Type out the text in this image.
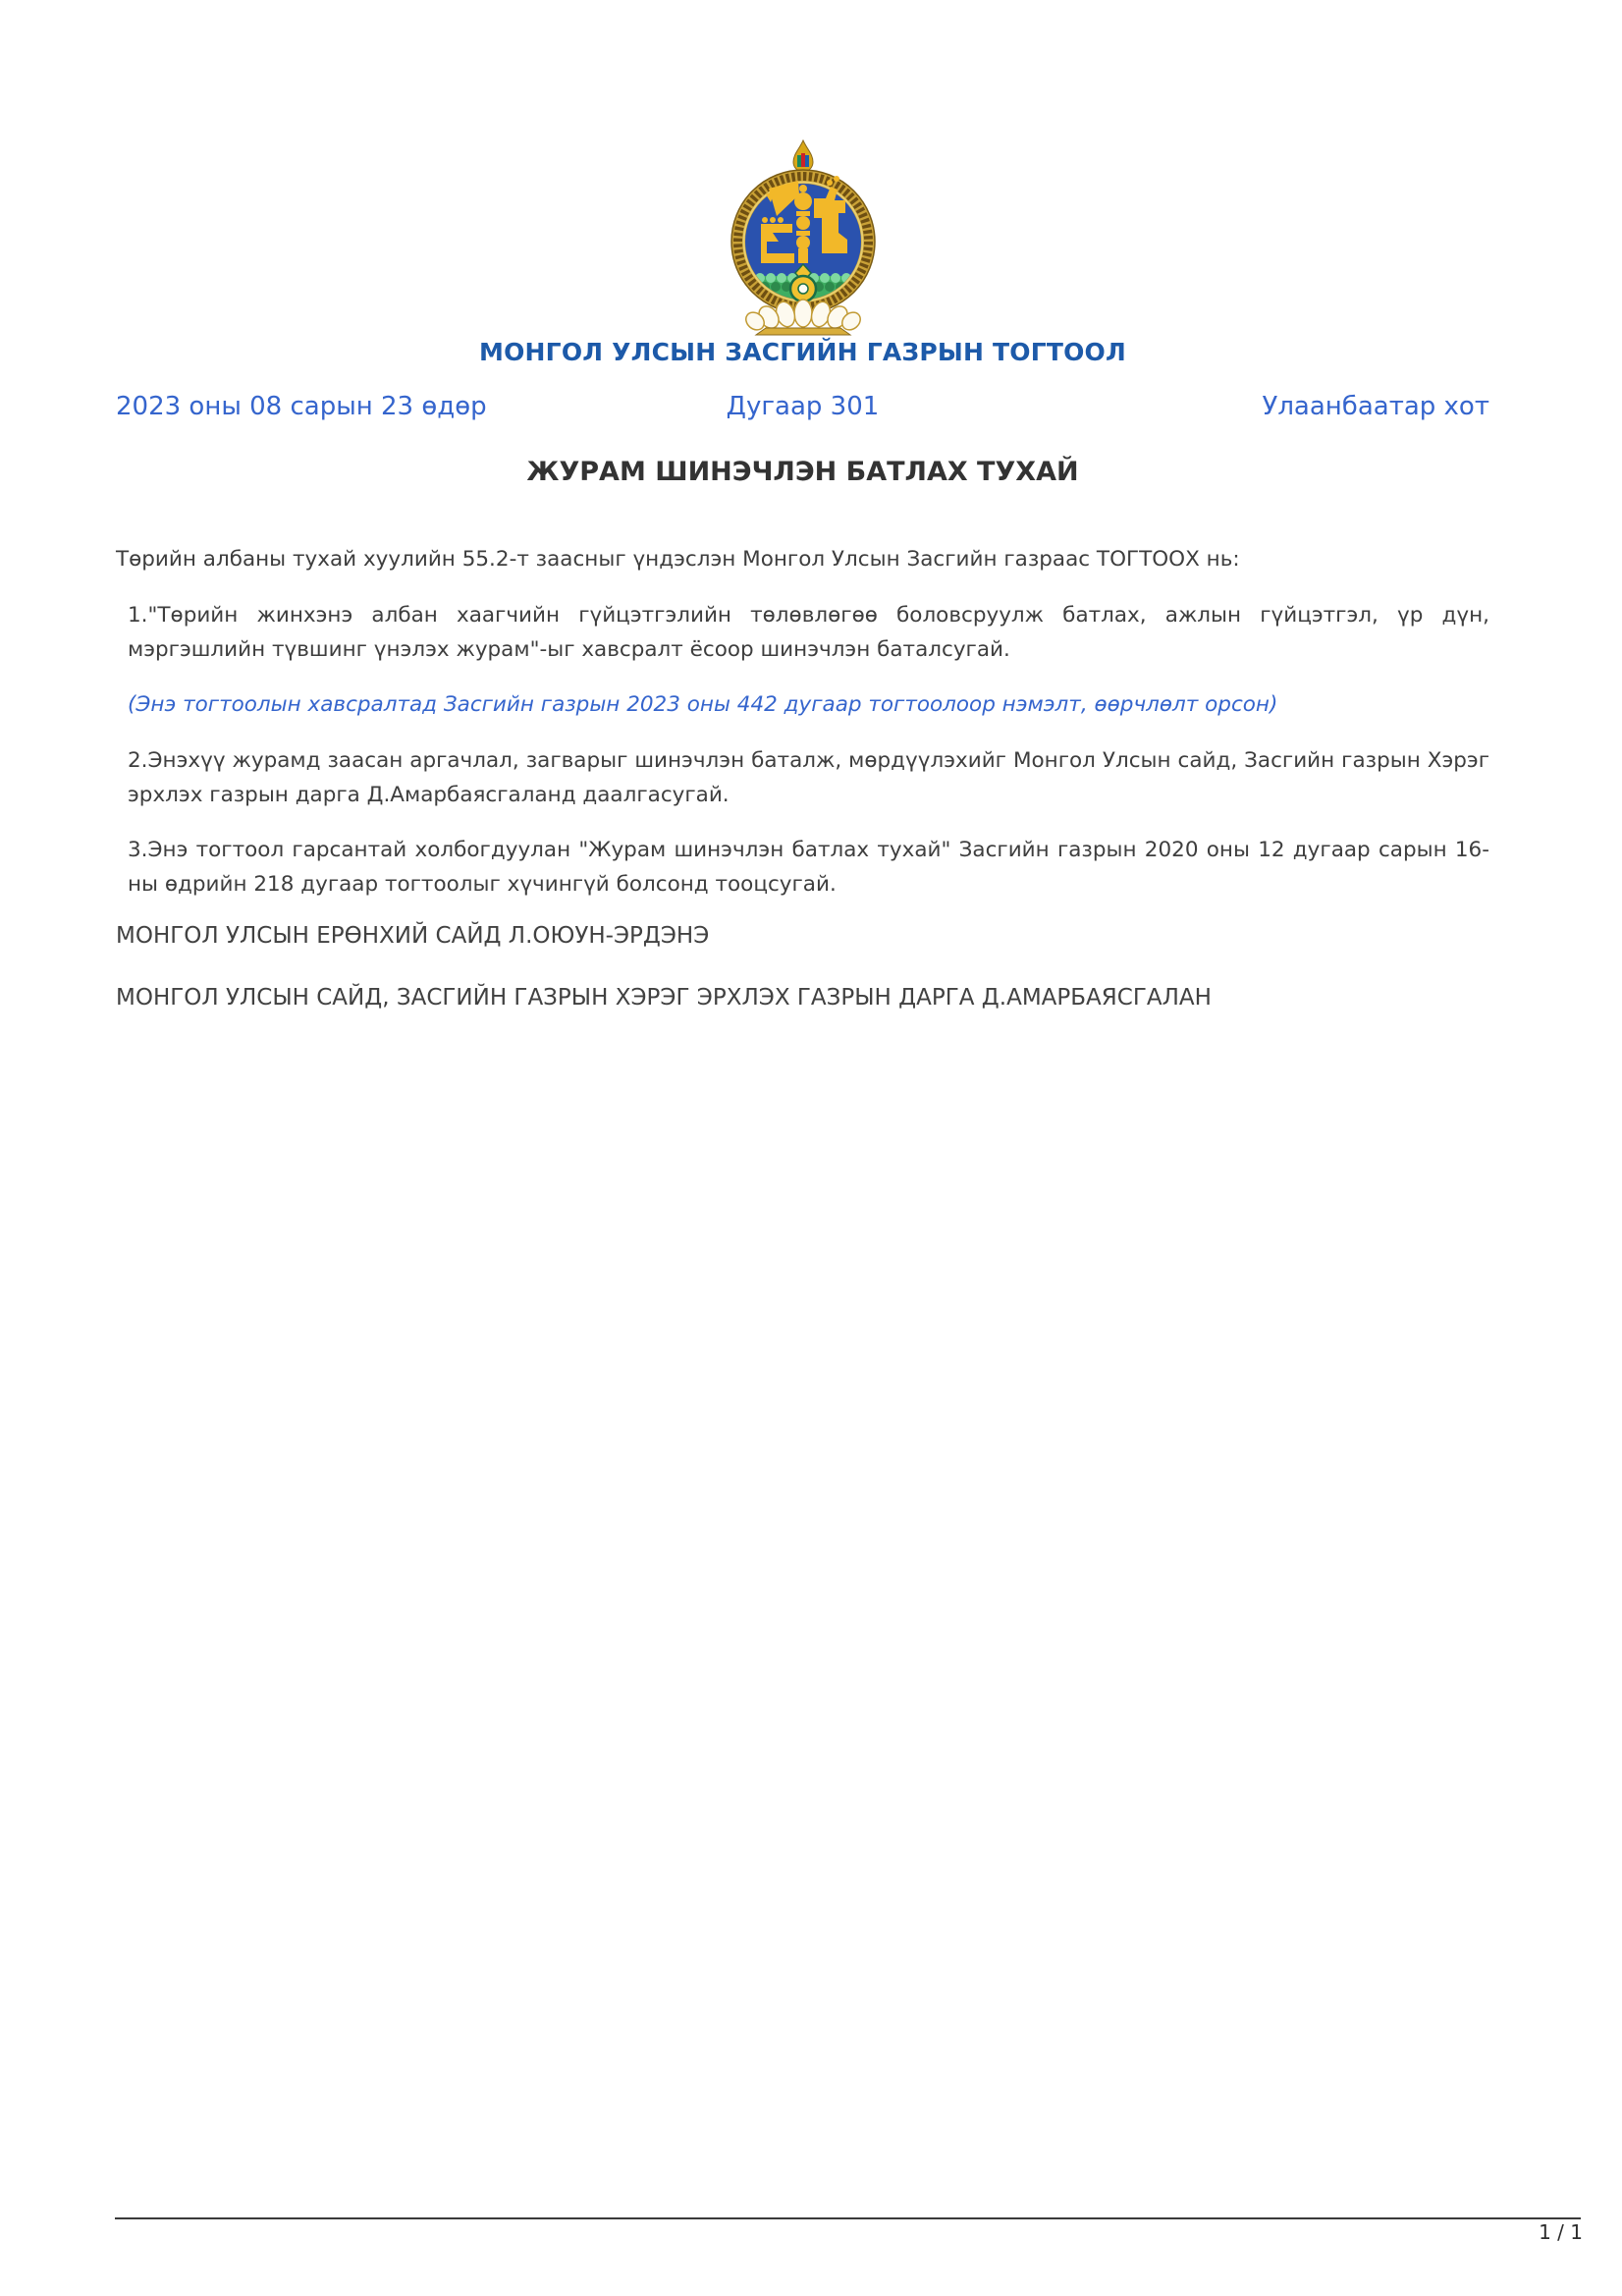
МОНГОЛ УЛСЫН ЗАСГИЙН ГАЗРЫН ТОГТООЛ
2023 оны 08 сарын 23 өдөр	Дугаар 301	Улаанбаатар хот
ЖУРАМ ШИНЭЧЛЭН БАТЛАХ ТУХАЙ

Төрийн албаны тухай хуулийн 55.2-т заасныг үндэслэн Монгол Улсын Засгийн газраас ТОГТООХ нь:

1."Төрийн жинхэнэ албан хаагчийн гүйцэтгэлийн төлөвлөгөө боловсруулж батлах, ажлын гүйцэтгэл, үр дүн, мэргэшлийн түвшинг үнэлэх журам"-ыг хавсралт ёсоор шинэчлэн баталсугай.

(Энэ тогтоолын хавсралтад Засгийн газрын 2023 оны 442 дугаар тогтоолоор нэмэлт, өөрчлөлт орсон)

2.Энэхүү журамд заасан аргачлал, загварыг шинэчлэн баталж, мөрдүүлэхийг Монгол Улсын сайд, Засгийн газрын Хэрэг эрхлэх газрын дарга Д.Амарбаясгаланд даалгасугай.

3.Энэ тогтоол гарсантай холбогдуулан "Журам шинэчлэн батлах тухай" Засгийн газрын 2020 оны 12 дугаар сарын 16-ны өдрийн 218 дугаар тогтоолыг хүчингүй болсонд тооцсугай.

МОНГОЛ УЛСЫН ЕРӨНХИЙ САЙД Л.ОЮУН-ЭРДЭНЭ
МОНГОЛ УЛСЫН САЙД, ЗАСГИЙН ГАЗРЫН ХЭРЭГ ЭРХЛЭХ ГАЗРЫН ДАРГА Д.АМАРБАЯСГАЛАН
1 / 1
